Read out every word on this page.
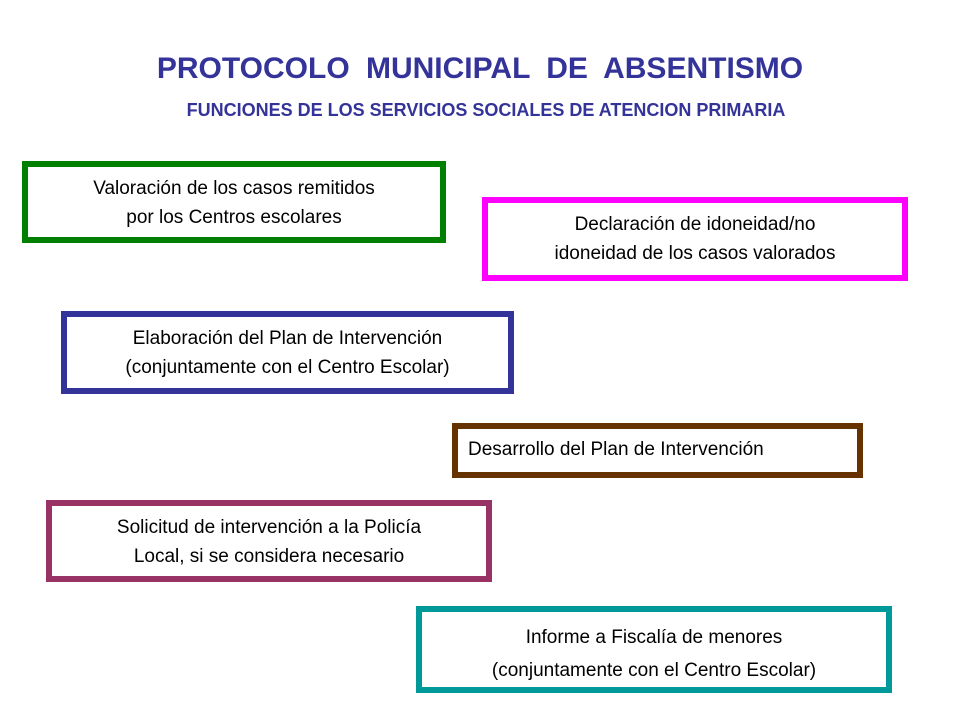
PROTOCOLO MUNICIPAL DE ABSENTISMO
FUNCIONES DE LOS SERVICIOS SOCIALES DE ATENCION PRIMARIA
Valoración de los casos remitidos
por los Centros escolares	Declaración de idoneidad/no
idoneidad de los casos valorados
Elaboración del Plan de Intervención
(conjuntamente con el Centro Escolar)
Desarrollo del Plan de Intervención
Solicitud de intervención a la Policía
Local, si se considera necesario
Informe a Fiscalía de menores
(conjuntamente con el Centro Escolar)
